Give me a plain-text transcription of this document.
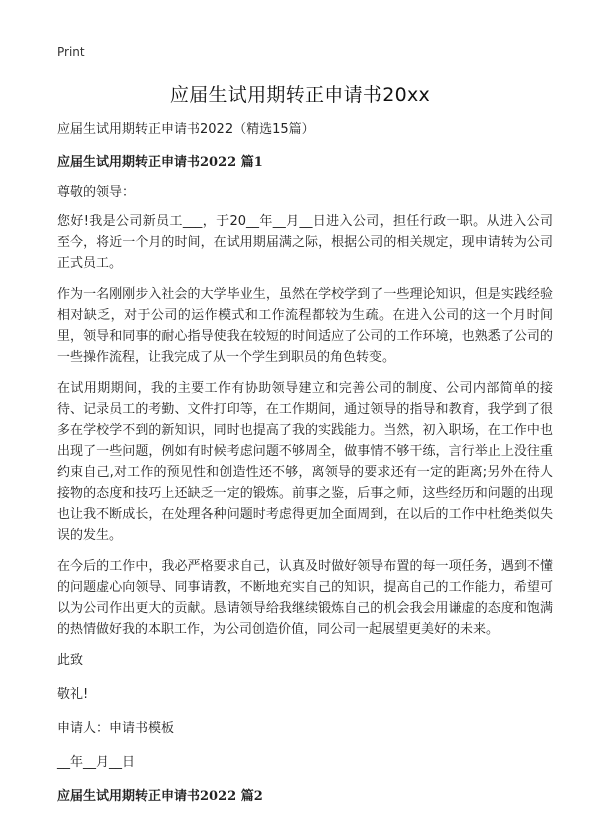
Print
应届生试用期转正申请书20xx

应届生试用期转正申请书2022（精选15篇）

应届生试用期转正申请书2022 篇1

尊敬的领导：

您好!我是公司新员工___，于20__年__月__日进入公司，担任行政一职。从进入公司至今，将近一个月的时间，在试用期届满之际，根据公司的相关规定，现申请转为公司正式员工。

作为一名刚刚步入社会的大学毕业生，虽然在学校学到了一些理论知识，但是实践经验相对缺乏，对于公司的运作模式和工作流程都较为生疏。在进入公司的这一个月时间里，领导和同事的耐心指导使我在较短的时间适应了公司的工作环境，也熟悉了公司的一些操作流程，让我完成了从一个学生到职员的角色转变。

在试用期期间，我的主要工作有协助领导建立和完善公司的制度、公司内部简单的接待、记录员工的考勤、文件打印等，在工作期间，通过领导的指导和教育，我学到了很多在学校学不到的新知识，同时也提高了我的实践能力。当然，初入职场，在工作中也出现了一些问题，例如有时候考虑问题不够周全，做事情不够干练，言行举止上没往重约束自己,对工作的预见性和创造性还不够，离领导的要求还有一定的距离;另外在待人接物的态度和技巧上还缺乏一定的锻炼。前事之鉴，后事之师，这些经历和问题的出现也让我不断成长，在处理各种问题时考虑得更加全面周到，在以后的工作中杜绝类似失误的发生。

在今后的工作中，我必严格要求自己，认真及时做好领导布置的每一项任务，遇到不懂的问题虚心向领导、同事请教，不断地充实自己的知识，提高自己的工作能力，希望可以为公司作出更大的贡献。恳请领导给我继续锻炼自己的机会我会用谦虚的态度和饱满的热情做好我的本职工作，为公司创造价值，同公司一起展望更美好的未来。

此致

敬礼!

申请人：申请书模板

__年__月__日

应届生试用期转正申请书2022 篇2
